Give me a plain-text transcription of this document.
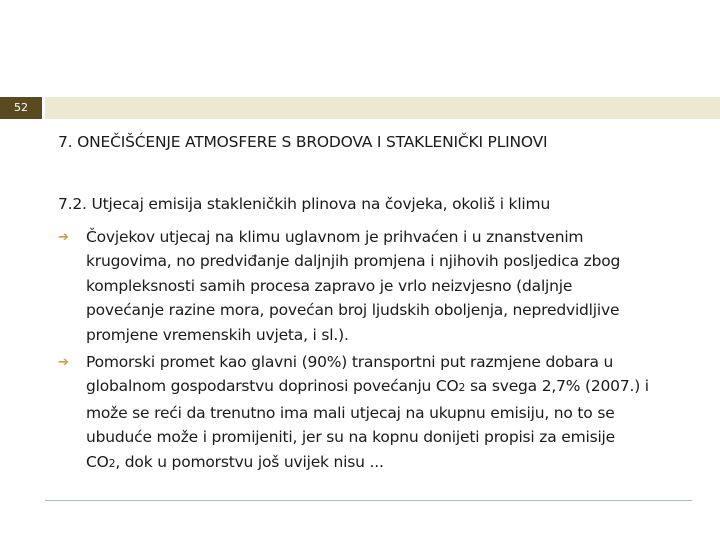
52
7. ONEČIŠĆENJE ATMOSFERE S BRODOVA I STAKLENIČKI PLINOVI
7.2. Utjecaj emisija stakleničkih plinova na čovjeka, okoliš i klimu
➔	Čovjekov utjecaj na klimu uglavnom je prihvaćen i u znanstvenim
krugovima, no predviđanje daljnjih promjena i njihovih posljedica zbog
kompleksnosti samih procesa zapravo je vrlo neizvjesno (daljnje
povećanje razine mora, povećan broj ljudskih oboljenja, nepredvidljive
promjene vremenskih uvjeta, i sl.).
➔	Pomorski promet kao glavni (90%) transportni put razmjene dobara u
globalnom gospodarstvu doprinosi povećanju CO2 sa svega 2,7% (2007.) i
može se reći da trenutno ima mali utjecaj na ukupnu emisiju, no to se
ubuduće može i promijeniti, jer su na kopnu donijeti propisi za emisije
CO2, dok u pomorstvu još uvijek nisu ...
